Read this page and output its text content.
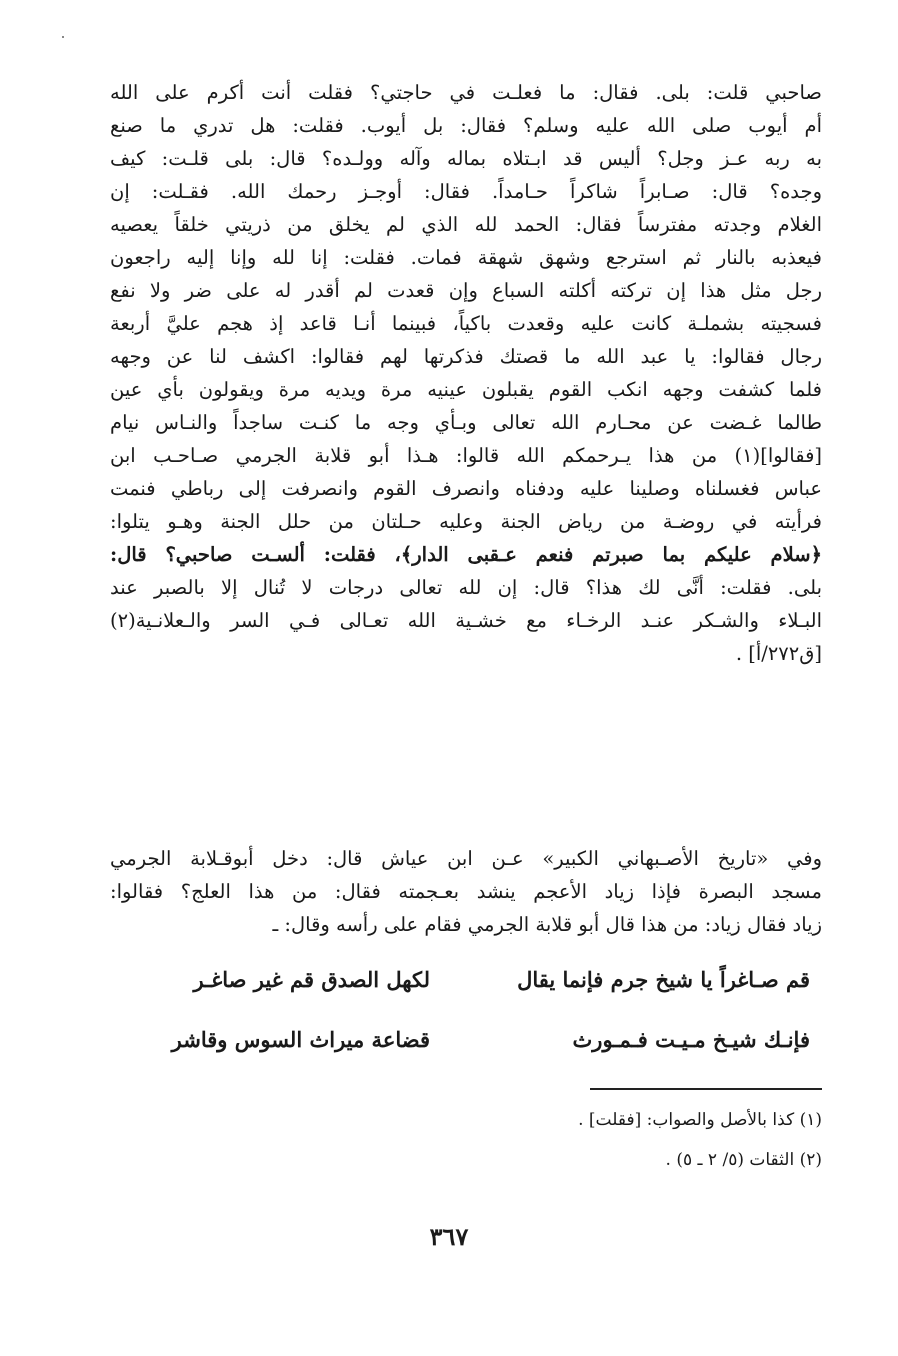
صاحبي قلت: بلى. فقال: ما فعلـت في حاجتي؟ فقلت أنت أكرم على الله
أم أيوب صلى الله عليه وسلم؟ فقال: بل أيوب. فقلت: هل تدري ما صنع
به ربه عـز وجل؟ أليس قد ابـتلاه بماله وآله وولـده؟ قال: بلى قلـت: كيف
وجده؟ قال: صـابراً شاكراً حـامداً. فقال: أوجـز رحمك الله. فقـلت: إن
الغلام وجدته مفترساً فقال: الحمد لله الذي لم يخلق من ذريتي خلقاً يعصيه
فيعذبه بالنار ثم استرجع وشهق شهقة فمات. فقلت: إنا لله وإنا إليه راجعون
رجل مثل هذا إن تركته أكلته السباع وإن قعدت لم أقدر له على ضر ولا نفع
فسجيته بشملـة كانت عليه وقعدت باكياً، فبينما أنـا قاعد إذ هجم عليَّ أربعة
رجال فقالوا: يا عبد الله ما قصتك فذكرتها لهم فقالوا: اكشف لنا عن وجهه
فلما كشفت وجهه انكب القوم يقبلون عينيه مرة ويديه مرة ويقولون بأي عين
طالما غـضت عن محـارم الله تعالى وبـأي وجه ما كنـت ساجداً والنـاس نيام
[فقالوا](١) من هذا يـرحمكم الله قالوا: هـذا أبو قلابة الجرمي صـاحـب ابن
عباس فغسلناه وصلينا عليه ودفناه وانصرف القوم وانصرفت إلى رباطي فنمت
فرأيته في روضـة من رياض الجنة وعليه حـلتان من حلل الجنة وهـو يتلوا:
﴿سلام عليكم بما صبرتم فنعم عـقبى الدار﴾، فقلت: ألسـت صاحبي؟ قال:
بلى. فقلت: أنَّى لك هذا؟ قال: إن لله تعالى درجات لا تُنال إلا بالصبر عند
البـلاء والشـكر عنـد الرخـاء مع خشـية الله تعـالى فـي السر والـعلانـية(٢)
[ق٢٧٢/أ] .
وفي «تاريخ الأصـبهاني الكبير» عـن ابن عياش قال: دخل أبوقـلابة الجرمي
مسجد البصرة فإذا زياد الأعجم ينشد بعـجمته فقال: من هذا العلج؟ فقالوا:
زياد فقال زياد: من هذا قال أبو قلابة الجرمي فقام على رأسه وقال: ـ
قم صـاغراً يا شيخ جرم فإنما يقال
لكهل الصدق قم غير صاغـر
فإنـك شيـخ مـيـت فـمـورث
قضاعة ميراث السوس وقاشر
(١) كذا بالأصل والصواب: [فقلت] .
(٢) الثقات (٥/ ٢ ـ ٥) .
٣٦٧
